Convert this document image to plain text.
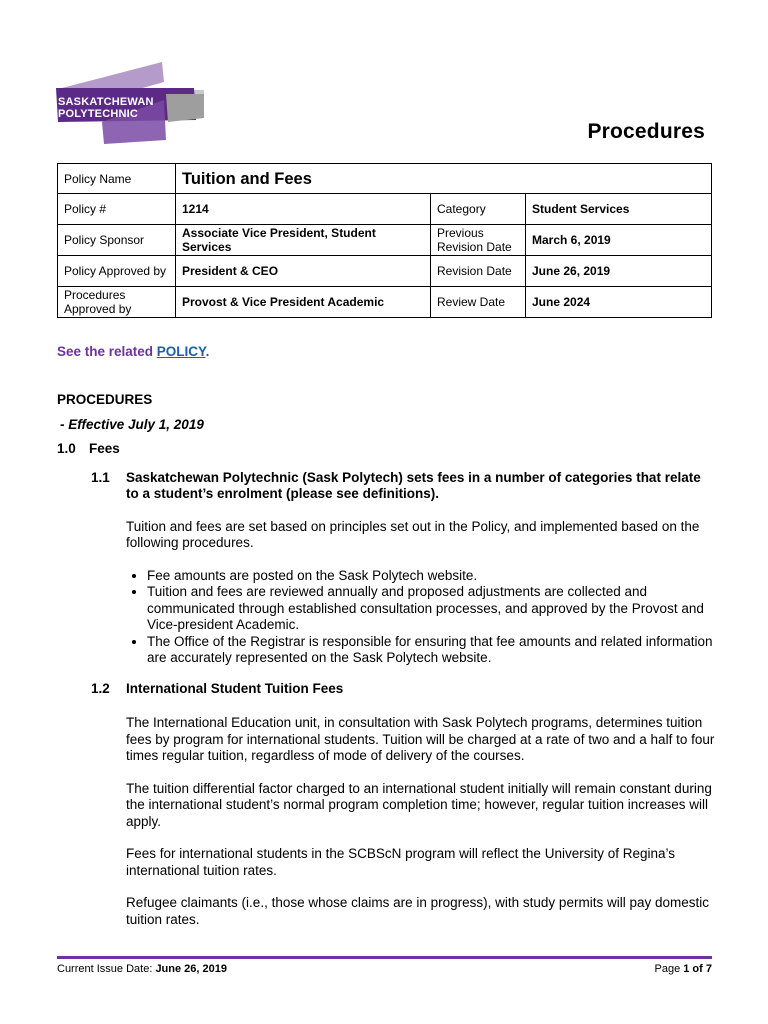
SASKATCHEWAN
POLYTECHNIC
Procedures
Policy Name	Tuition and Fees		
Policy #	1214	Category	Student Services
Policy Sponsor	Associate Vice President, Student Services	Previous Revision Date	March 6, 2019
Policy Approved by	President & CEO	Revision Date	June 26, 2019
Procedures Approved by	Provost & Vice President Academic	Review Date	June 2024
See the related POLICY.

PROCEDURES

- Effective July 1, 2019

1.0 Fees

1.1	Saskatchewan Polytechnic (Sask Polytech) sets fees in a number of categories that relate to a student’s enrolment (please see definitions).

Tuition and fees are set based on principles set out in the Policy, and implemented based on the following procedures.

• Fee amounts are posted on the Sask Polytech website.
• Tuition and fees are reviewed annually and proposed adjustments are collected and communicated through established consultation processes, and approved by the Provost and Vice-president Academic.
• The Office of the Registrar is responsible for ensuring that fee amounts and related information are accurately represented on the Sask Polytech website.
1.2	International Student Tuition Fees

The International Education unit, in consultation with Sask Polytech programs, determines tuition fees by program for international students. Tuition will be charged at a rate of two and a half to four times regular tuition, regardless of mode of delivery of the courses.

The tuition differential factor charged to an international student initially will remain constant during the international student’s normal program completion time; however, regular tuition increases will apply.

Fees for international students in the SCBScN program will reflect the University of Regina’s international tuition rates.

Refugee claimants (i.e., those whose claims are in progress), with study permits will pay domestic tuition rates.

Current Issue Date: June 26, 2019	Page 1 of 7
